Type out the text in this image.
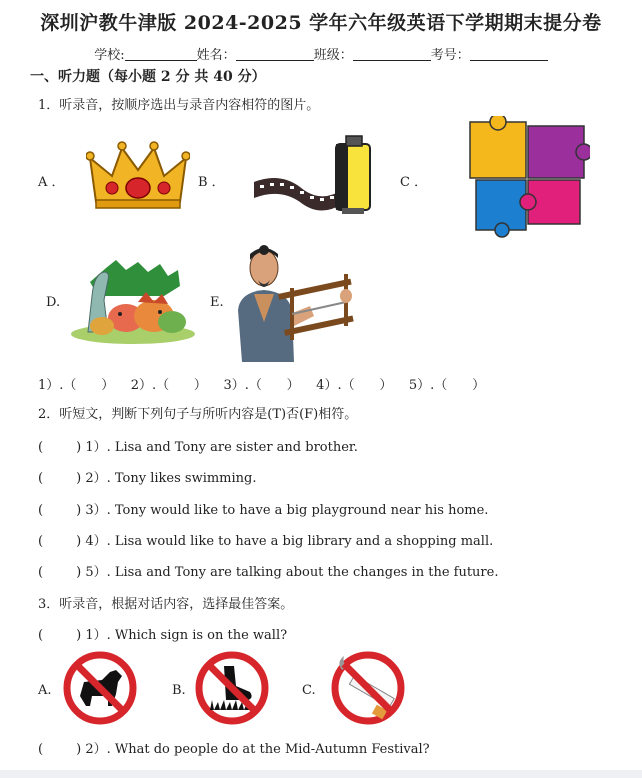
深圳沪教牛津版 2024-2025 学年六年级英语下学期期末提分卷
学校:	姓名：	班级：	考号：
一、听力题（每小题 2 分 共 40 分）
1．听录音，按顺序选出与录音内容相符的图片。
A ．	B ．	C ．
D.	E.
1）.（      ）    2）.（      ）    3）.（      ）    4）.（      ）    5）.（      ）
2．听短文，判断下列句子与所听内容是(T)否(F)相符。
(        ) 1）. Lisa and Tony are sister and brother.
(        ) 2）. Tony likes swimming.
(        ) 3）. Tony would like to have a big playground near his home.
(        ) 4）. Lisa would like to have a big library and a shopping mall.
(        ) 5）. Lisa and Tony are talking about the changes in the future.
3．听录音，根据对话内容，选择最佳答案。
(        ) 1）. Which sign is on the wall?
A.	B.	C.
(        ) 2）. What do people do at the Mid-Autumn Festival?
